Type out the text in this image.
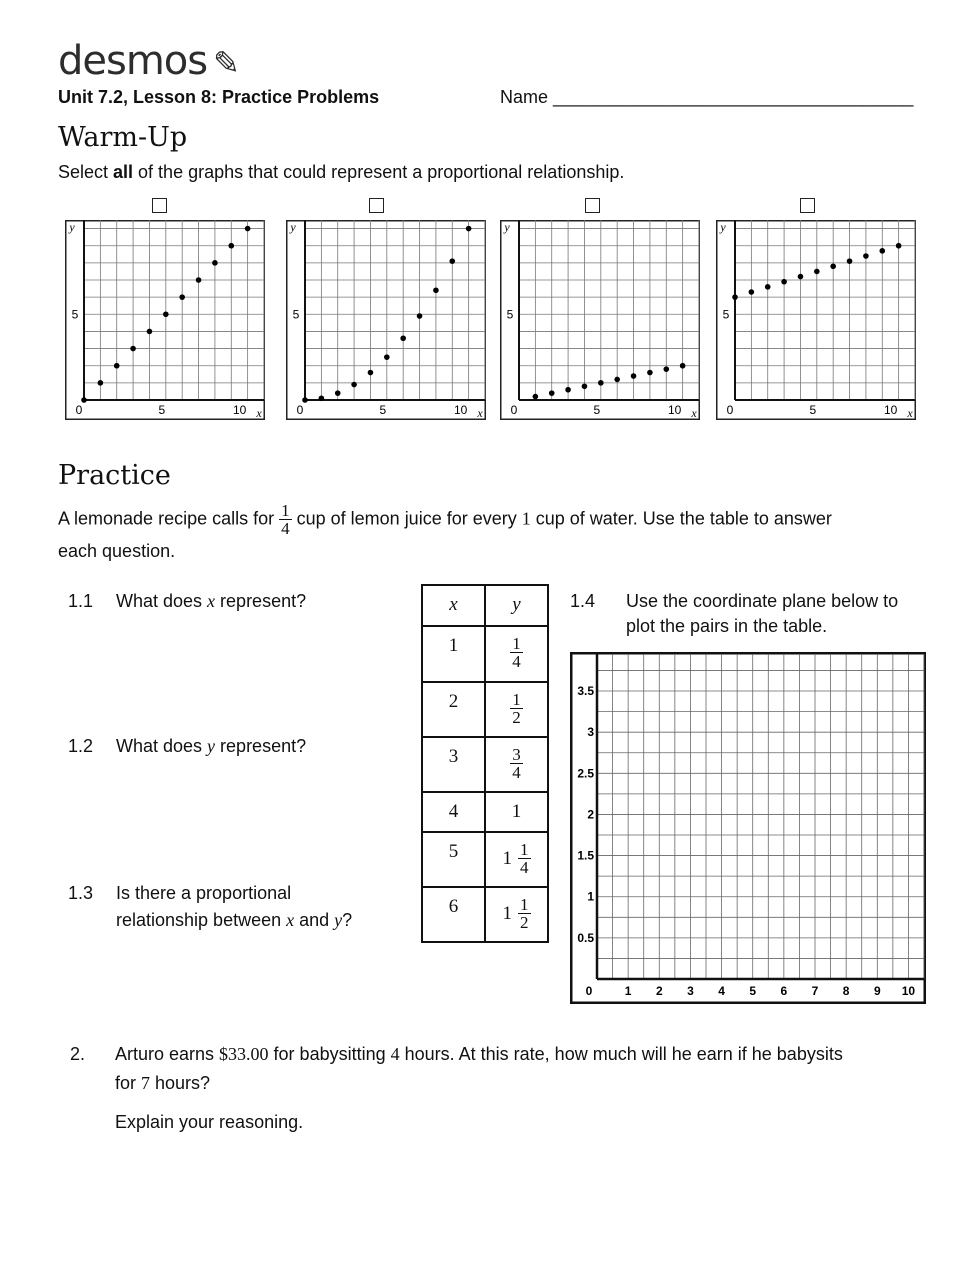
desmos ✎
Unit 7.2, Lesson 8: Practice Problems	Name ____________________________________
Warm-Up
Select all of the graphs that could represent a proportional relationship.
0	5	10
5
x
y
0	5	10
5
x
y
0	5	10
5
x
y
0	5	10
5
x
y
Practice
A lemonade recipe calls for $\frac{1}{4}$ cup of lemon juice for every 1 cup of water. Use the table to answer
each question.
1.1 What does x represent?
1.2 What does y represent?
1.3 Is there a proportional
relationship between x and y?
x	y
1	$\frac{1}{4}$

2	$\frac{1}{2}$

3	$\frac{3}{4}$

4	1
5	$1 \frac{1}{4}$

6	$1 \frac{1}{2}$
1.4 Use the coordinate plane below to
plot the pairs in the table.
0	1 2 3 4 5 6 7 8 9 10
0.5
1
1.5
2
2.5
3
3.5
2. Arturo earns $33.00 for babysitting 4 hours. At this rate, how much will he earn if he babysits
for 7 hours?
Explain your reasoning.
